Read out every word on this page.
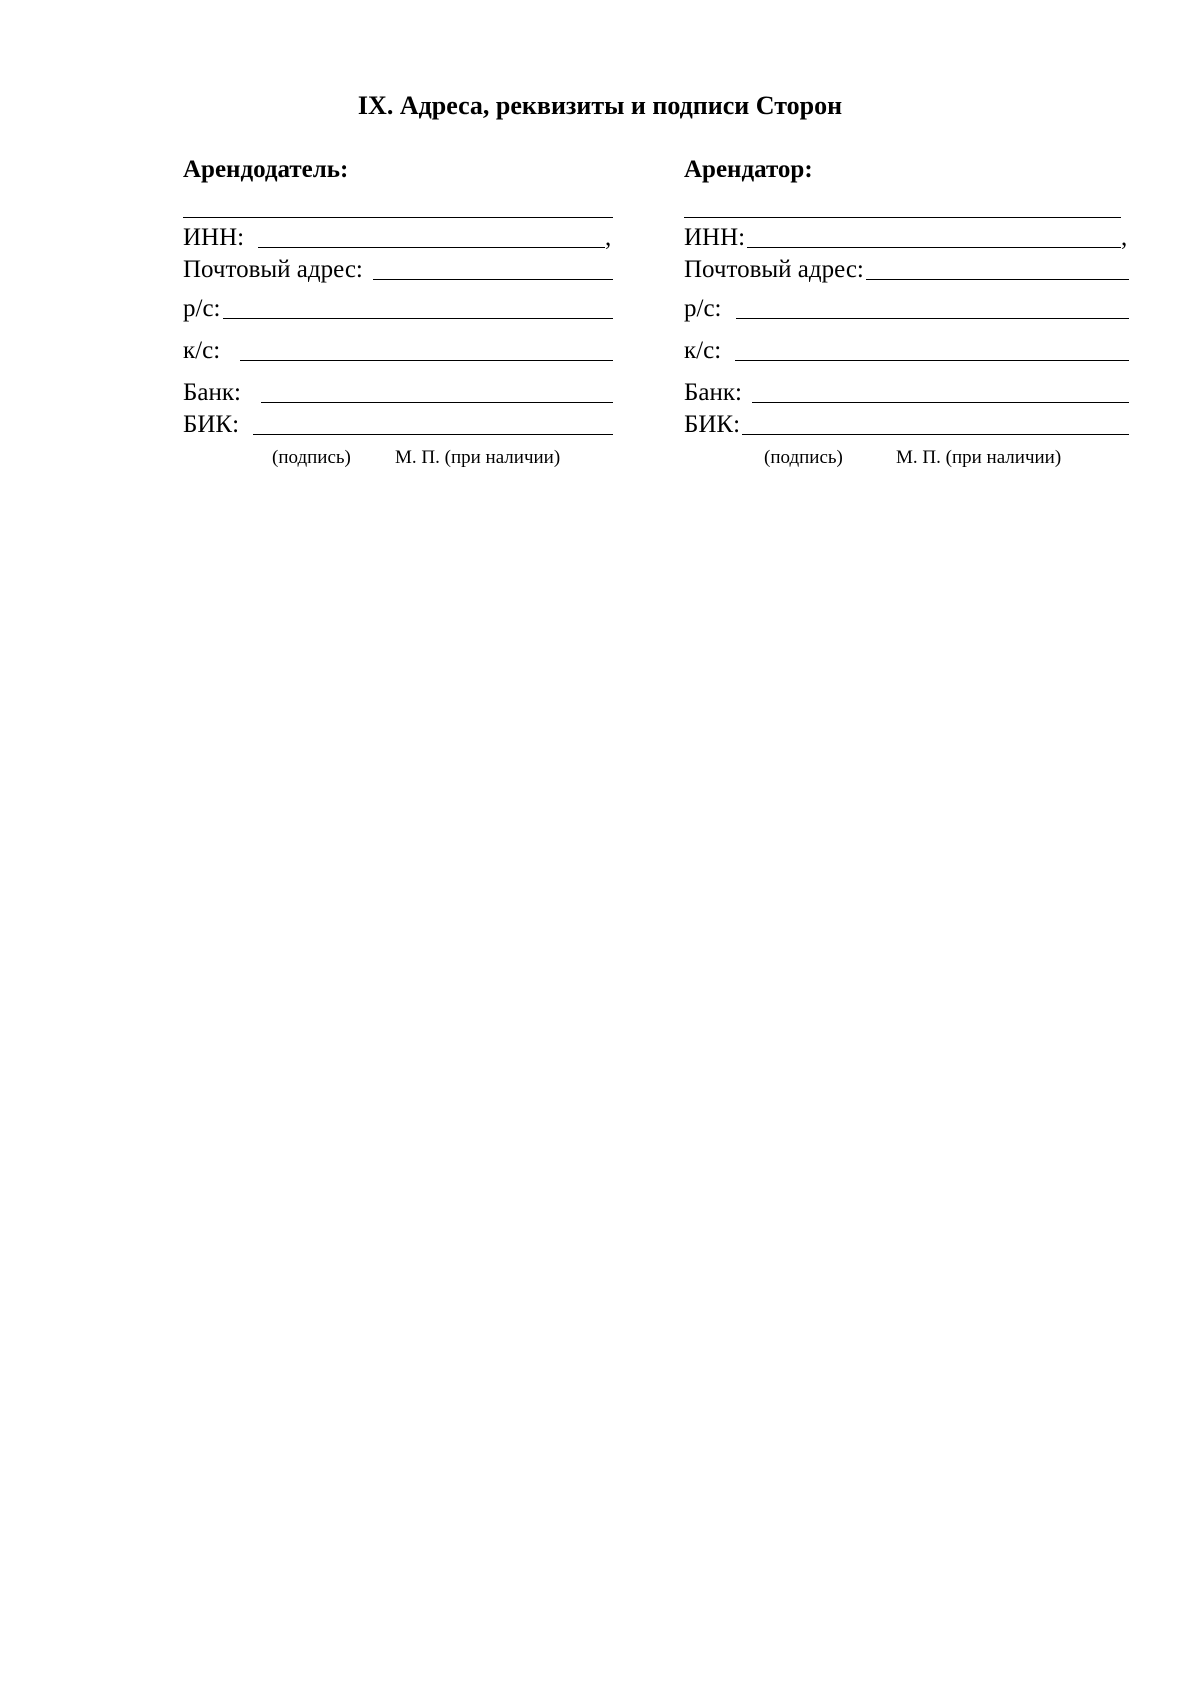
IX. Адреса, реквизиты и подписи Сторон
Арендодатель:
ИНН:	,
Почтовый адрес:
р/с:
к/с:
Банк:
БИК:
(подпись) М. П. (при наличии)
Арендатор:
ИНН:	,
Почтовый адрес:
р/с:
к/с:
Банк:
БИК:
(подпись)	М. П. (при наличии)
